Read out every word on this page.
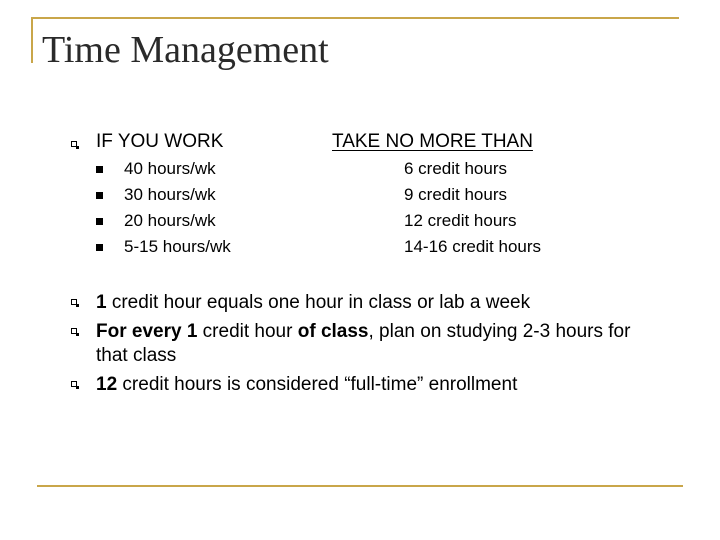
Time Management
IF YOU WORK	TAKE NO MORE THAN
40 hours/wk	6 credit hours
30 hours/wk	9 credit hours
20 hours/wk	12 credit hours
5-15 hours/wk	14-16 credit hours
1 credit hour equals one hour in class or lab a week
For every 1 credit hour of class, plan on studying 2-3 hours for that class
12 credit hours is considered “full-time” enrollment
